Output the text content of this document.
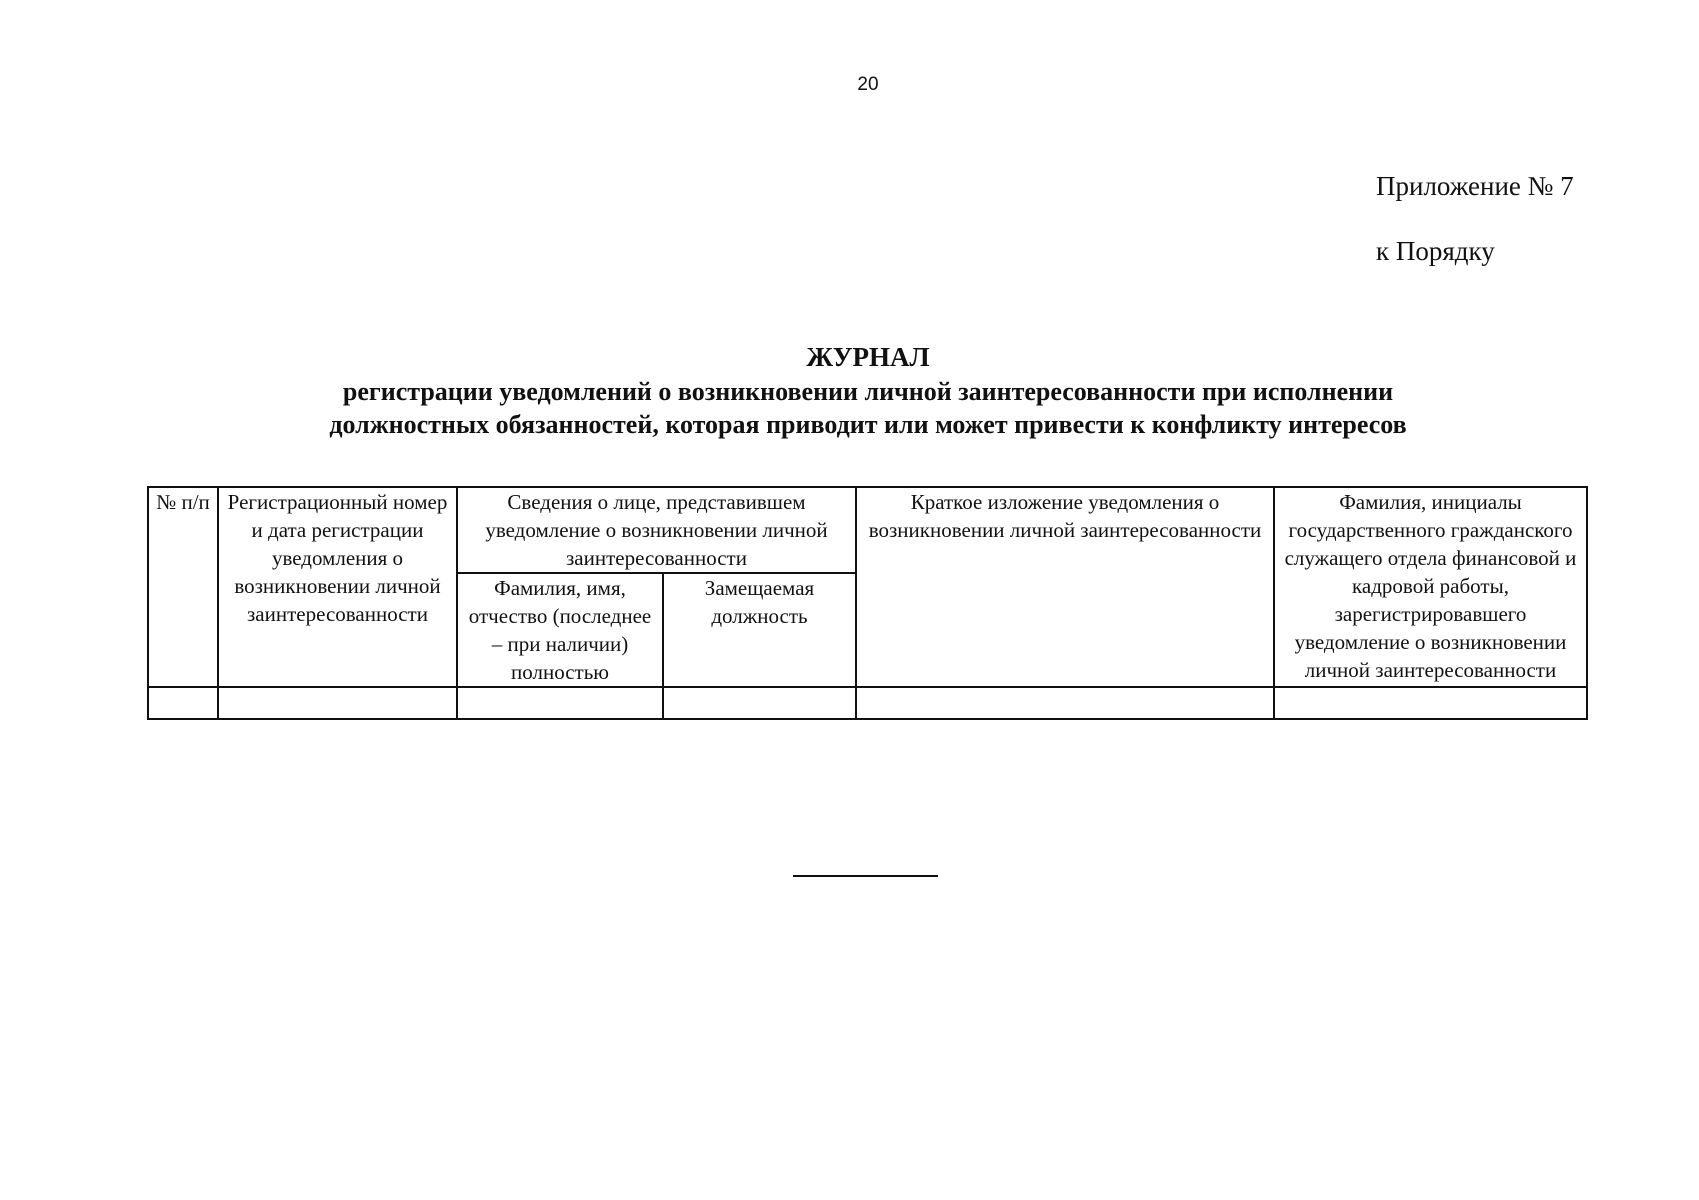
20
Приложение № 7
к Порядку
ЖУРНАЛ
регистрации уведомлений о возникновении личной заинтересованности при исполнении
должностных обязанностей, которая приводит или может привести к конфликту интересов
№ п/п	Регистрационный номер и дата регистрации уведомления о возникновении личной заинтересованности	Сведения о лице, представившем уведомление о возникновении личной заинтересованности		Краткое изложение уведомления о возникновении личной заинтересованности	Фамилия, инициалы государственного гражданского служащего отдела финансовой и кадровой работы, зарегистрировавшего уведомление о возникновении личной заинтересованности
		Фамилия, имя, отчество (последнее – при наличии) полностью	Замещаемая должность		
